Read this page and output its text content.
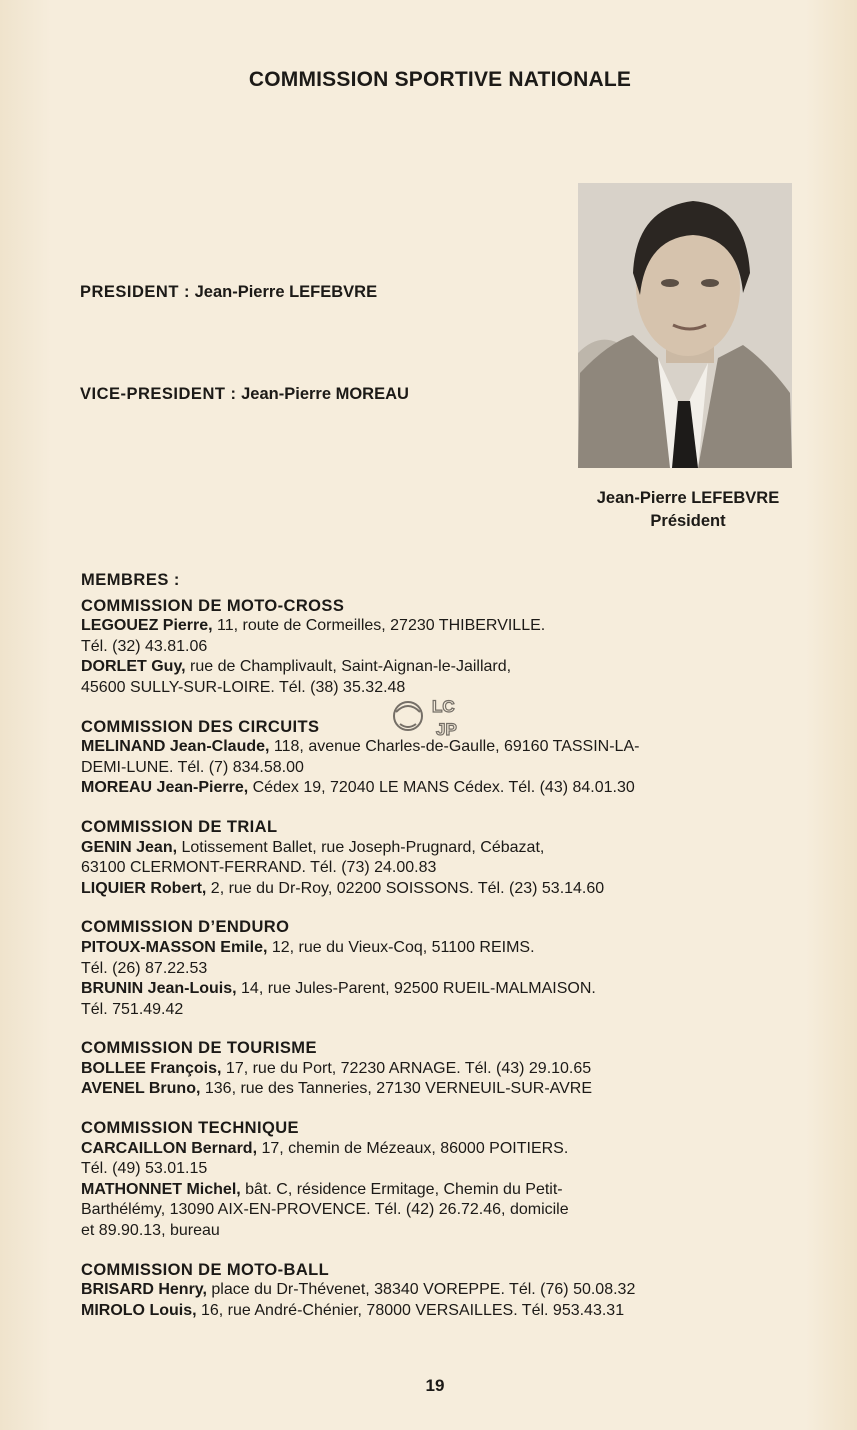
COMMISSION SPORTIVE NATIONALE
PRESIDENT : Jean-Pierre LEFEBVRE
VICE-PRESIDENT : Jean-Pierre MOREAU
Jean-Pierre LEFEBVRE
Président
LC
JP
MEMBRES :
COMMISSION DE MOTO-CROSS
LEGOUEZ Pierre, 11, route de Cormeilles, 27230 THIBERVILLE.
Tél. (32) 43.81.06
DORLET Guy, rue de Champlivault, Saint-Aignan-le-Jaillard,
45600 SULLY-SUR-LOIRE. Tél. (38) 35.32.48
COMMISSION DES CIRCUITS
MELINAND Jean-Claude, 118, avenue Charles-de-Gaulle, 69160 TASSIN-LA-
DEMI-LUNE. Tél. (7) 834.58.00
MOREAU Jean-Pierre, Cédex 19, 72040 LE MANS Cédex. Tél. (43) 84.01.30
COMMISSION DE TRIAL
GENIN Jean, Lotissement Ballet, rue Joseph-Prugnard, Cébazat,
63100 CLERMONT-FERRAND. Tél. (73) 24.00.83
LIQUIER Robert, 2, rue du Dr-Roy, 02200 SOISSONS. Tél. (23) 53.14.60
COMMISSION D’ENDURO
PITOUX-MASSON Emile, 12, rue du Vieux-Coq, 51100 REIMS.
Tél. (26) 87.22.53
BRUNIN Jean-Louis, 14, rue Jules-Parent, 92500 RUEIL-MALMAISON.
Tél. 751.49.42
COMMISSION DE TOURISME
BOLLEE François, 17, rue du Port, 72230 ARNAGE. Tél. (43) 29.10.65
AVENEL Bruno, 136, rue des Tanneries, 27130 VERNEUIL-SUR-AVRE
COMMISSION TECHNIQUE
CARCAILLON Bernard, 17, chemin de Mézeaux, 86000 POITIERS.
Tél. (49) 53.01.15
MATHONNET Michel, bât. C, résidence Ermitage, Chemin du Petit-
Barthélémy, 13090 AIX-EN-PROVENCE. Tél. (42) 26.72.46, domicile
et 89.90.13, bureau
COMMISSION DE MOTO-BALL
BRISARD Henry, place du Dr-Thévenet, 38340 VOREPPE. Tél. (76) 50.08.32
MIROLO Louis, 16, rue André-Chénier, 78000 VERSAILLES. Tél. 953.43.31
19
